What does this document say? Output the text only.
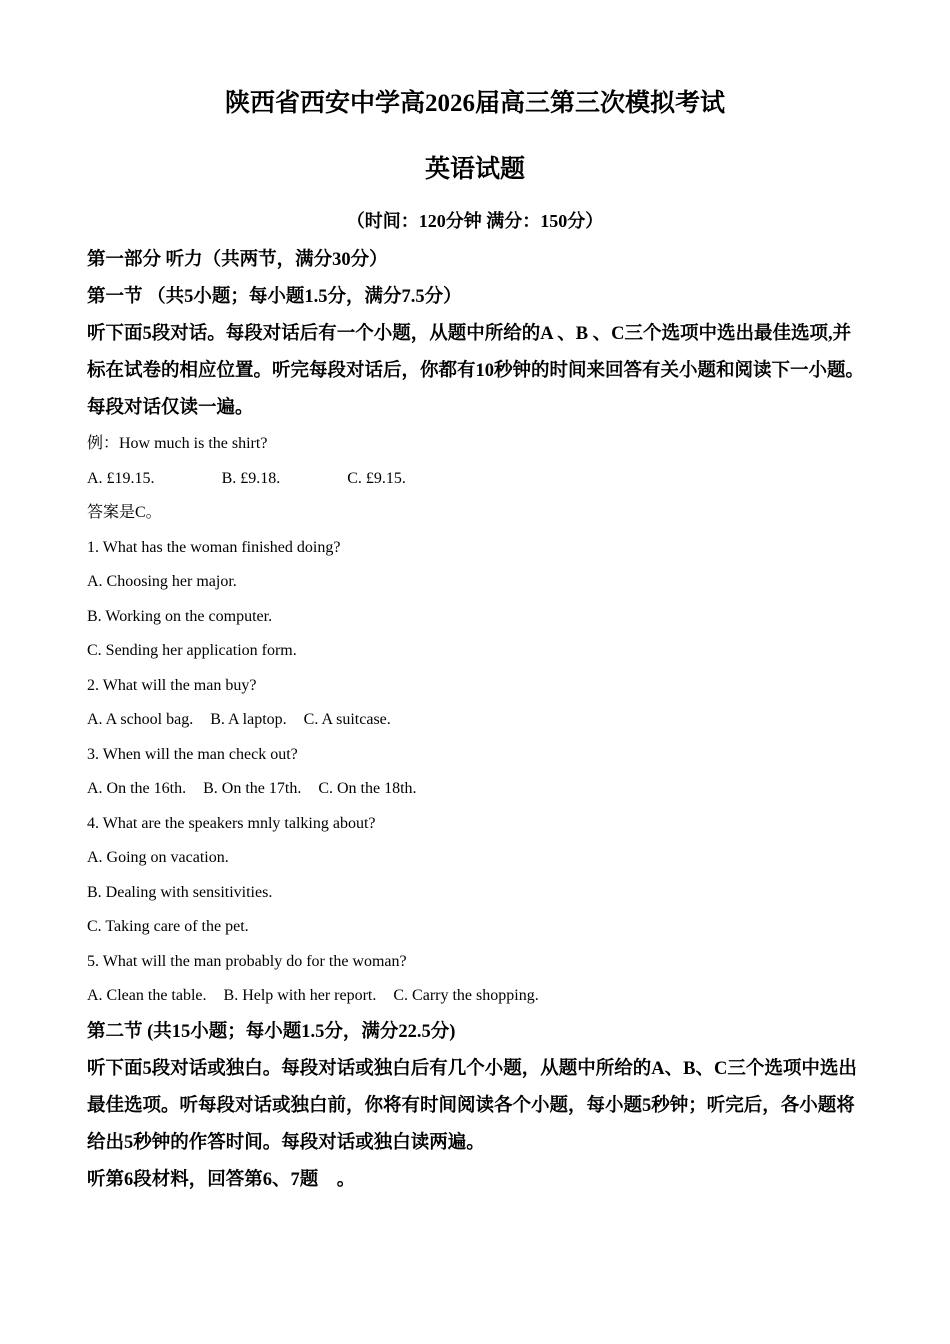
陕西省西安中学高2026届高三第三次模拟考试
英语试题
（时间：120分钟 满分：150分）
第一部分 听力（共两节，满分30分）
第一节 （共5小题；每小题1.5分，满分7.5分）
听下面5段对话。每段对话后有一个小题，从题中所给的A 、B 、C三个选项中选出最佳选项,并标在试卷的相应位置。听完每段对话后，你都有10秒钟的时间来回答有关小题和阅读下一小题。每段对话仅读一遍。
例：How much is the shirt?
A. £19.15.	B. £9.18.	C. £9.15.
答案是C。
1. What has the woman finished doing?
A. Choosing her major.
B. Working on the computer.
C. Sending her application form.
2. What will the man buy?
A. A school bag. B. A laptop. C. A suitcase.
3. When will the man check out?
A. On the 16th. B. On the 17th. C. On the 18th.
4. What are the speakers mnly talking about?
A. Going on vacation.
B. Dealing with sensitivities.
C. Taking care of the pet.
5. What will the man probably do for the woman?
A. Clean the table. B. Help with her report. C. Carry the shopping.
第二节 (共15小题；每小题1.5分，满分22.5分)
听下面5段对话或独白。每段对话或独白后有几个小题，从题中所给的A、B、C三个选项中选出最佳选项。听每段对话或独白前，你将有时间阅读各个小题，每小题5秒钟；听完后，各小题将给出5秒钟的作答时间。每段对话或独白读两遍。
听第6段材料，回答第6、7题　。
